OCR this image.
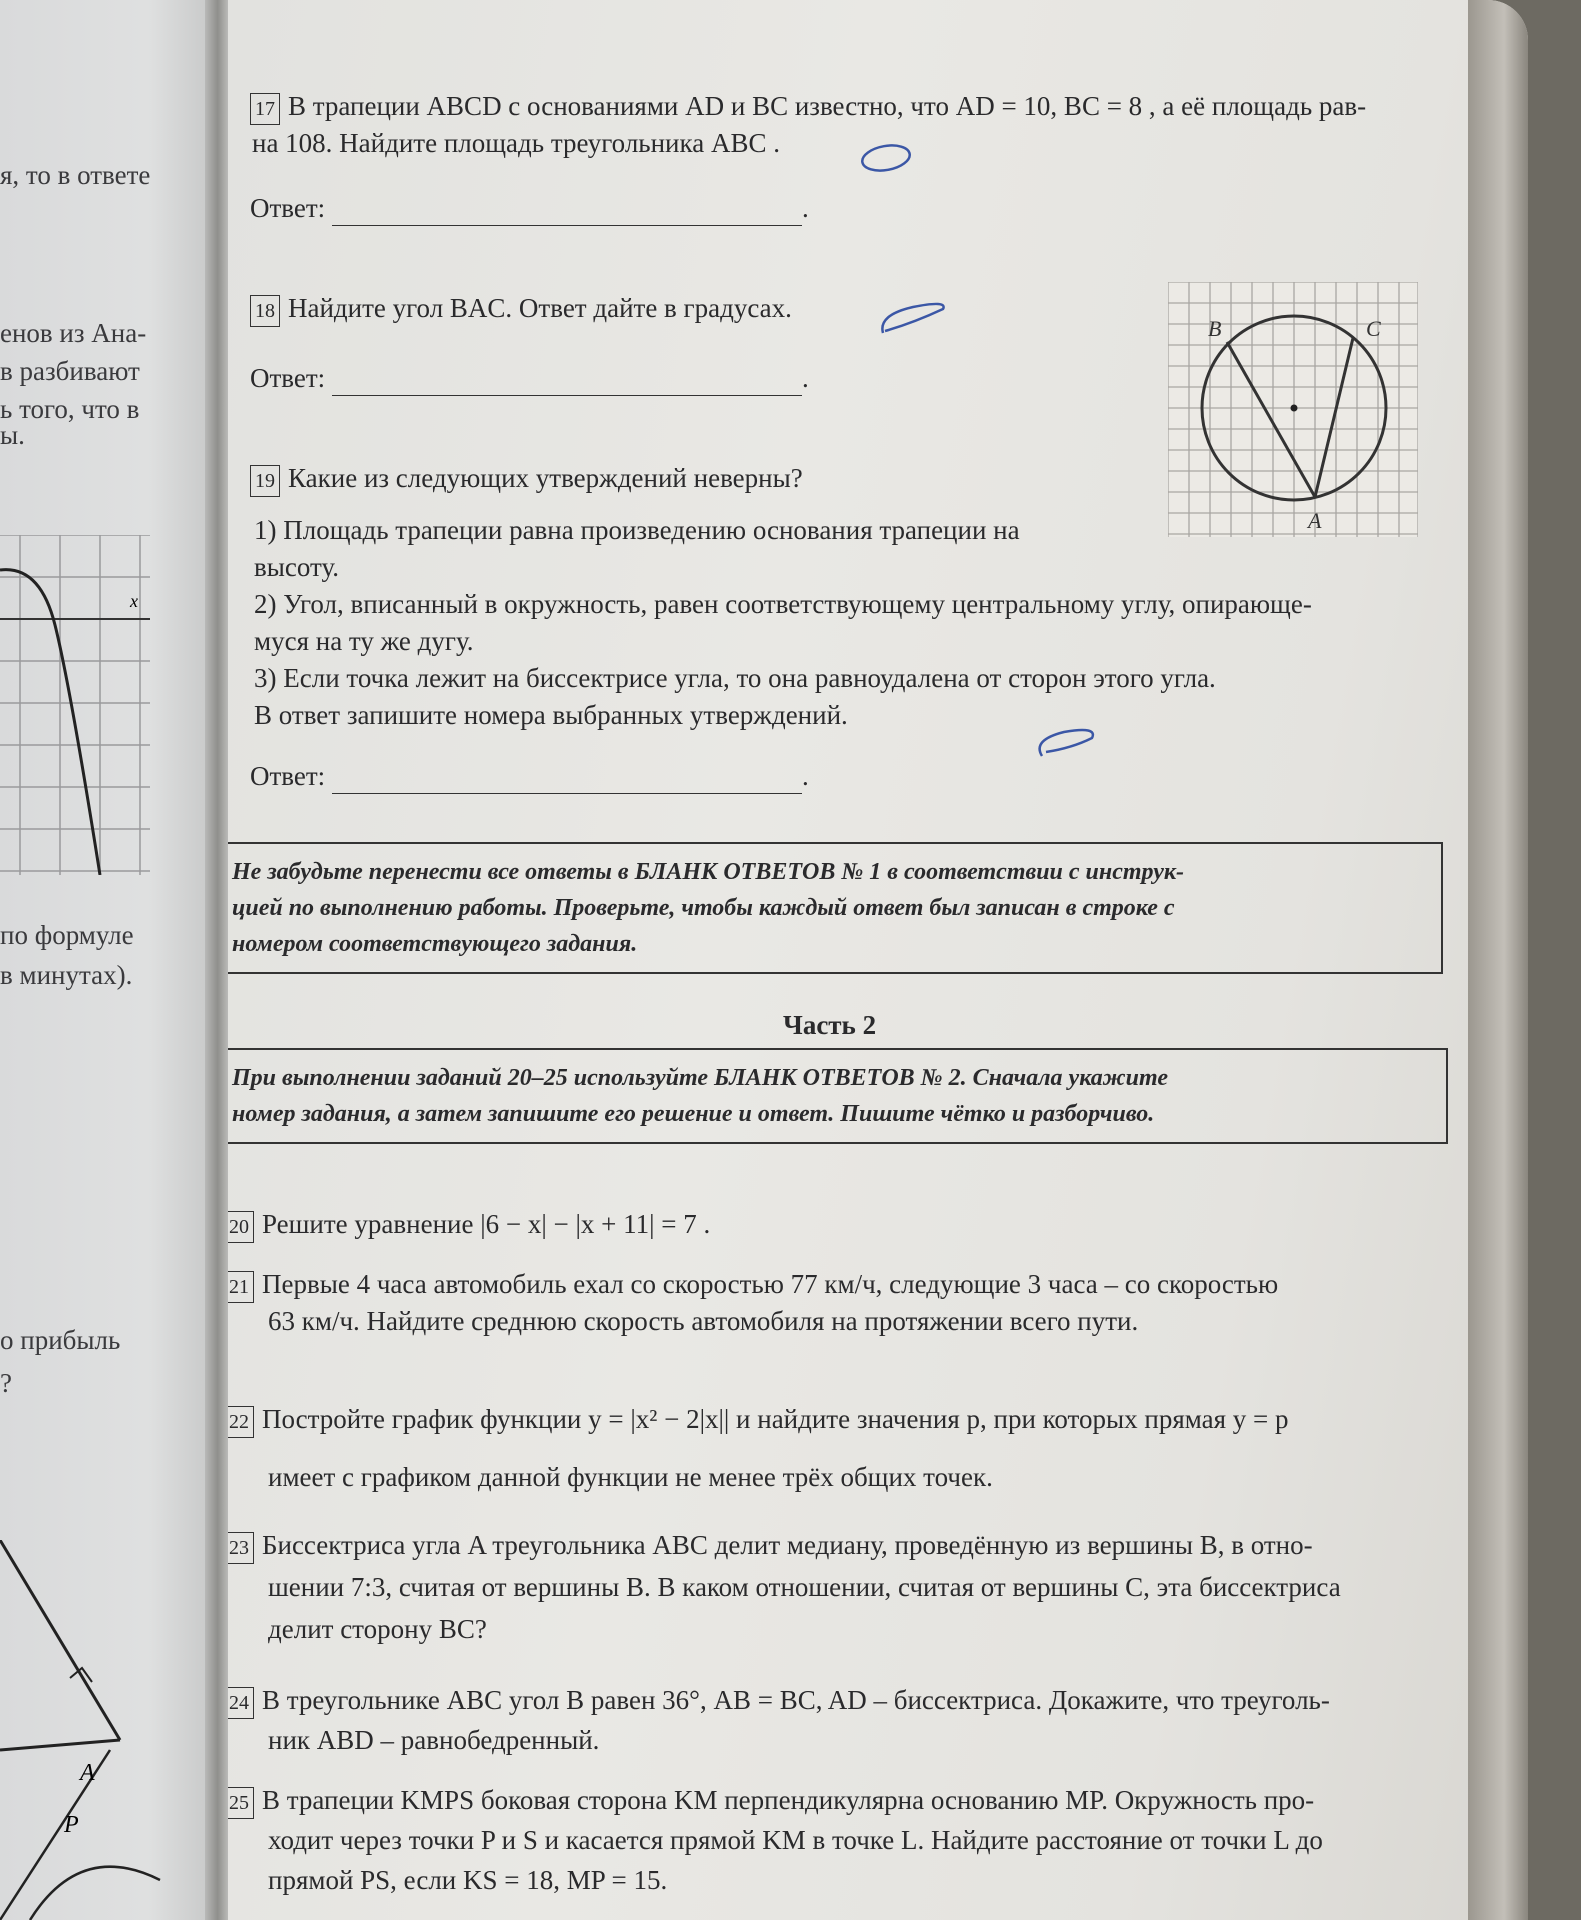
я, то в ответе
енов из Ана-
в разбивают
ь того, что в
ы.
x
по формуле
в минутах).
о прибыль
?
A
P
17 В трапеции ABCD с основаниями AD и BC известно, что AD = 10, BC = 8 , а её площадь рав-
на 108. Найдите площадь треугольника ABC .
Ответ:	.
18 Найдите угол BAC. Ответ дайте в градусах.
Ответ:	.
B	C
A
19 Какие из следующих утверждений неверны?
1) Площадь трапеции равна произведению основания трапеции на
высоту.
2) Угол, вписанный в окружность, равен соответствующему центральному углу, опирающе-
муся на ту же дугу.
3) Если точка лежит на биссектрисе угла, то она равноудалена от сторон этого угла.
В ответ запишите номера выбранных утверждений.
Ответ:	.
Не забудьте перенести все ответы в БЛАНК ОТВЕТОВ № 1 в соответствии с инструк-
цией по выполнению работы. Проверьте, чтобы каждый ответ был записан в строке с
номером соответствующего задания.
Часть 2
При выполнении заданий 20–25 используйте БЛАНК ОТВЕТОВ № 2. Сначала укажите
номер задания, а затем запишите его решение и ответ. Пишите чётко и разборчиво.
20 Решите уравнение |6 − x| − |x + 11| = 7 .
21 Первые 4 часа автомобиль ехал со скоростью 77 км/ч, следующие 3 часа – со скоростью
63 км/ч. Найдите среднюю скорость автомобиля на протяжении всего пути.
22 Постройте график функции y = |x² − 2|x|| и найдите значения p, при которых прямая y = p
имеет с графиком данной функции не менее трёх общих точек.
23 Биссектриса угла A треугольника ABC делит медиану, проведённую из вершины B, в отно-
шении 7:3, считая от вершины B. В каком отношении, считая от вершины C, эта биссектриса
делит сторону BC?
24 В треугольнике ABC угол B равен 36°, AB = BC, AD – биссектриса. Докажите, что треуголь-
ник ABD – равнобедренный.
25 В трапеции KMPS боковая сторона KM перпендикулярна основанию MP. Окружность про-
ходит через точки P и S и касается прямой KM в точке L. Найдите расстояние от точки L до
прямой PS, если KS = 18, MP = 15.
